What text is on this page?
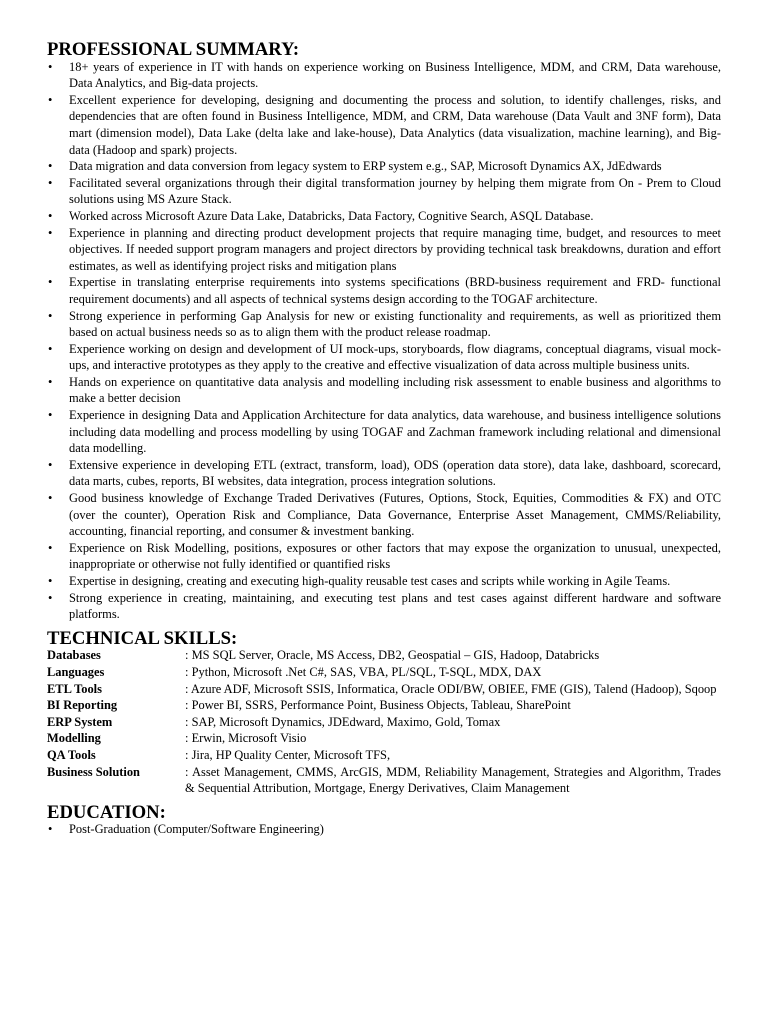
PROFESSIONAL SUMMARY:
• 18+ years of experience in IT with hands on experience working on Business Intelligence, MDM, and CRM, Data warehouse, Data Analytics, and Big-data projects.
• Excellent experience for developing, designing and documenting the process and solution, to identify challenges, risks, and dependencies that are often found in Business Intelligence, MDM, and CRM, Data warehouse (Data Vault and 3NF form), Data mart (dimension model), Data Lake (delta lake and lake-house), Data Analytics (data visualization, machine learning), and Big-data (Hadoop and spark) projects.
• Data migration and data conversion from legacy system to ERP system e.g., SAP, Microsoft Dynamics AX, JdEdwards
• Facilitated several organizations through their digital transformation journey by helping them migrate from On - Prem to Cloud solutions using MS Azure Stack.
• Worked across Microsoft Azure Data Lake, Databricks, Data Factory, Cognitive Search, ASQL Database.
• Experience in planning and directing product development projects that require managing time, budget, and resources to meet objectives. If needed support program managers and project directors by providing technical task breakdowns, duration and effort estimates, as well as identifying project risks and mitigation plans
• Expertise in translating enterprise requirements into systems specifications (BRD-business requirement and FRD- functional requirement documents) and all aspects of technical systems design according to the TOGAF architecture.
• Strong experience in performing Gap Analysis for new or existing functionality and requirements, as well as prioritized them based on actual business needs so as to align them with the product release roadmap.
• Experience working on design and development of UI mock-ups, storyboards, flow diagrams, conceptual diagrams, visual mock-ups, and interactive prototypes as they apply to the creative and effective visualization of data across multiple business units.
• Hands on experience on quantitative data analysis and modelling including risk assessment to enable business and algorithms to make a better decision
• Experience in designing Data and Application Architecture for data analytics, data warehouse, and business intelligence solutions including data modelling and process modelling by using TOGAF and Zachman framework including relational and dimensional data modelling.
• Extensive experience in developing ETL (extract, transform, load), ODS (operation data store), data lake, dashboard, scorecard, data marts, cubes, reports, BI websites, data integration, process integration solutions.
• Good business knowledge of Exchange Traded Derivatives (Futures, Options, Stock, Equities, Commodities & FX) and OTC (over the counter), Operation Risk and Compliance, Data Governance, Enterprise Asset Management, CMMS/Reliability, accounting, financial reporting, and consumer & investment banking.
• Experience on Risk Modelling, positions, exposures or other factors that may expose the organization to unusual, unexpected, inappropriate or otherwise not fully identified or quantified risks
• Expertise in designing, creating and executing high-quality reusable test cases and scripts while working in Agile Teams.
• Strong experience in creating, maintaining, and executing test plans and test cases against different hardware and software platforms.
TECHNICAL SKILLS:
Databases	: MS SQL Server, Oracle, MS Access, DB2, Geospatial – GIS, Hadoop, Databricks
Languages	: Python, Microsoft .Net C#, SAS, VBA, PL/SQL, T-SQL, MDX, DAX
ETL Tools	: Azure ADF, Microsoft SSIS, Informatica, Oracle ODI/BW, OBIEE, FME (GIS), Talend (Hadoop), Sqoop
BI Reporting	: Power BI, SSRS, Performance Point, Business Objects, Tableau, SharePoint
ERP System	: SAP, Microsoft Dynamics, JDEdward, Maximo, Gold, Tomax
Modelling	: Erwin, Microsoft Visio
QA Tools	: Jira, HP Quality Center, Microsoft TFS,
Business Solution	: Asset Management, CMMS, ArcGIS, MDM, Reliability Management, Strategies and Algorithm, Trades & Sequential Attribution, Mortgage, Energy Derivatives, Claim Management
EDUCATION:
• Post-Graduation (Computer/Software Engineering)
